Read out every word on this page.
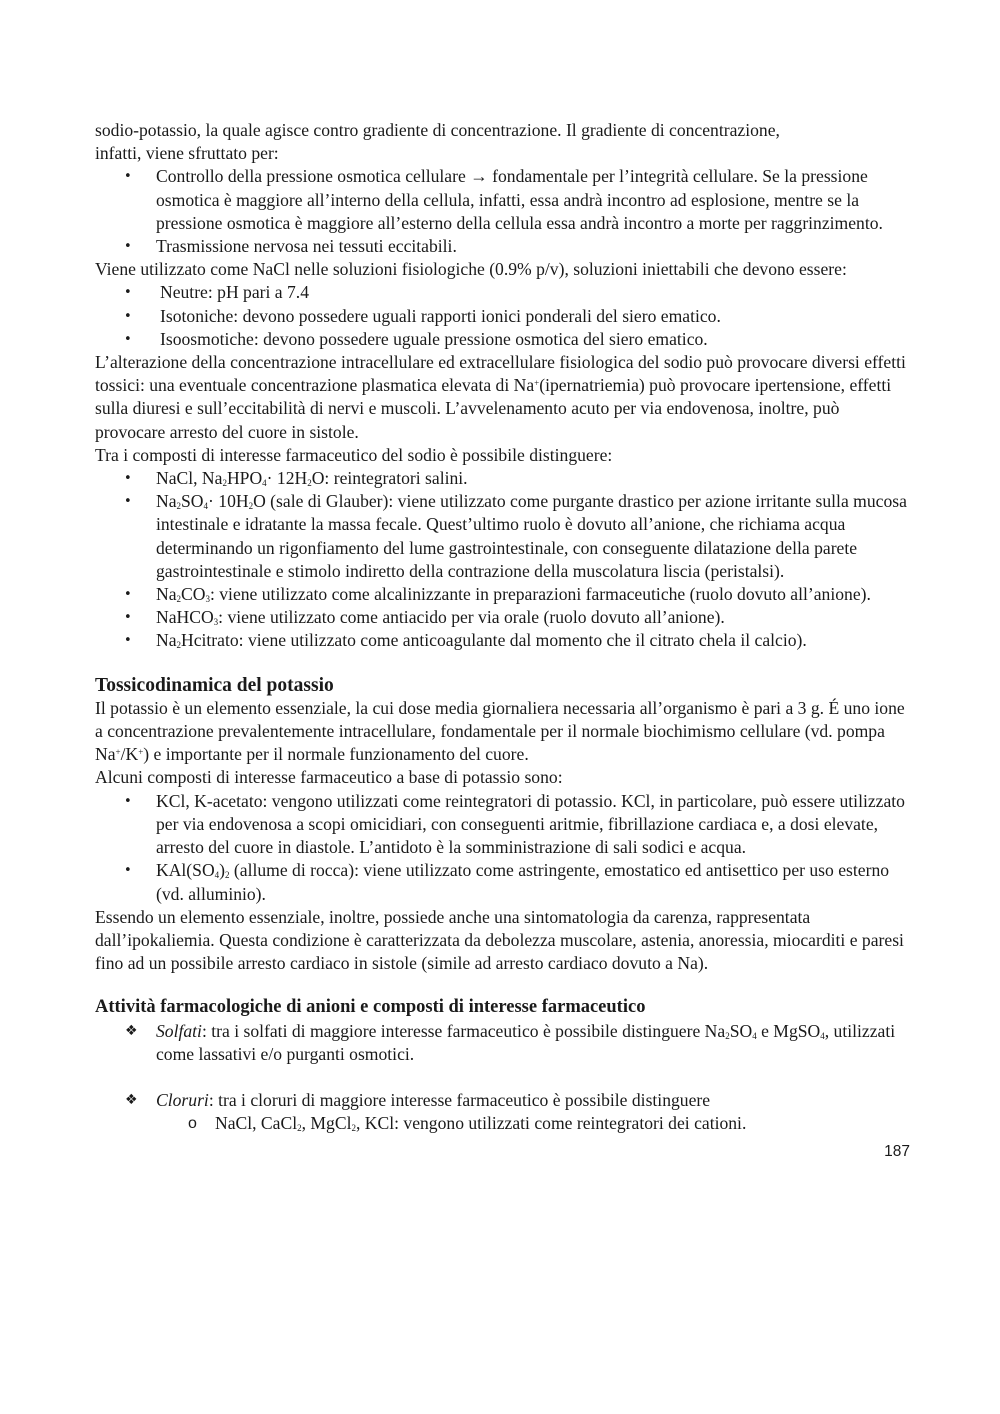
sodio-potassio, la quale agisce contro gradiente di concentrazione. Il gradiente di concentrazione,
infatti, viene sfruttato per:

• Controllo della pressione osmotica cellulare → fondamentale per l’integrità cellulare. Se la pressione osmotica è maggiore all’interno della cellula, infatti, essa andrà incontro ad esplosione, mentre se la pressione osmotica è maggiore all’esterno della cellula essa andrà incontro a morte per raggrinzimento.
• Trasmissione nervosa nei tessuti eccitabili.

Viene utilizzato come NaCl nelle soluzioni fisiologiche (0.9% p/v), soluzioni iniettabili che devono essere:

• Neutre: pH pari a 7.4
• Isotoniche: devono possedere uguali rapporti ionici ponderali del siero ematico.
• Isoosmotiche: devono possedere uguale pressione osmotica del siero ematico.

L’alterazione della concentrazione intracellulare ed extracellulare fisiologica del sodio può provocare diversi effetti tossici: una eventuale concentrazione plasmatica elevata di Na+(ipernatriemia) può provocare ipertensione, effetti sulla diuresi e sull’eccitabilità di nervi e muscoli. L’avvelenamento acuto per via endovenosa, inoltre, può provocare arresto del cuore in sistole.

Tra i composti di interesse farmaceutico del sodio è possibile distinguere:

• NaCl, $Na_2HPO_4\cdot 12H_2O$: reintegratori salini.
• $Na_2SO_4\cdot 10H_2O$ (sale di Glauber): viene utilizzato come purgante drastico per azione irritante sulla mucosa intestinale e idratante la massa fecale. Quest’ultimo ruolo è dovuto all’anione, che richiama acqua determinando un rigonfiamento del lume gastrointestinale, con conseguente dilatazione della parete gastrointestinale e stimolo indiretto della contrazione della muscolatura liscia (peristalsi).
• $Na_2CO_3$: viene utilizzato come alcalinizzante in preparazioni farmaceutiche (ruolo dovuto all’anione).
• NaHCO$_3$: viene utilizzato come antiacido per via orale (ruolo dovuto all’anione).
• $Na_2Hcitrato$: viene utilizzato come anticoagulante dal momento che il citrato chela il calcio).
Tossicodinamica del potassio

Il potassio è un elemento essenziale, la cui dose media giornaliera necessaria all’organismo è pari a 3 g. É uno ione a concentrazione prevalentemente intracellulare, fondamentale per il normale biochimismo cellulare (vd. pompa Na+/K+) e importante per il normale funzionamento del cuore.

Alcuni composti di interesse farmaceutico a base di potassio sono:

• KCl, K-acetato: vengono utilizzati come reintegratori di potassio. KCl, in particolare, può essere utilizzato per via endovenosa a scopi omicidiari, con conseguenti aritmie, fibrillazione cardiaca e, a dosi elevate, arresto del cuore in diastole. L’antidoto è la somministrazione di sali sodici e acqua.
• $KAl(SO_4)_2$ (allume di rocca): viene utilizzato come astringente, emostatico ed antisettico per uso esterno (vd. alluminio).

Essendo un elemento essenziale, inoltre, possiede anche una sintomatologia da carenza, rappresentata dall’ipokaliemia. Questa condizione è caratterizzata da debolezza muscolare, astenia, anoressia, miocarditi e paresi fino ad un possibile arresto cardiaco in sistole (simile ad arresto cardiaco dovuto a Na).

Attività farmacologiche di anioni e composti di interesse farmaceutico
❖ Solfati: tra i solfati di maggiore interesse farmaceutico è possibile distinguere $Na_2SO_4$ e MgSO$_4$, utilizzati come lassativi e/o purganti osmotici.
❖ Cloruri: tra i cloruri di maggiore interesse farmaceutico è possibile distinguere
o NaCl, CaCl$_2$, MgCl$_2$, KCl: vengono utilizzati come reintegratori dei cationi.
187
